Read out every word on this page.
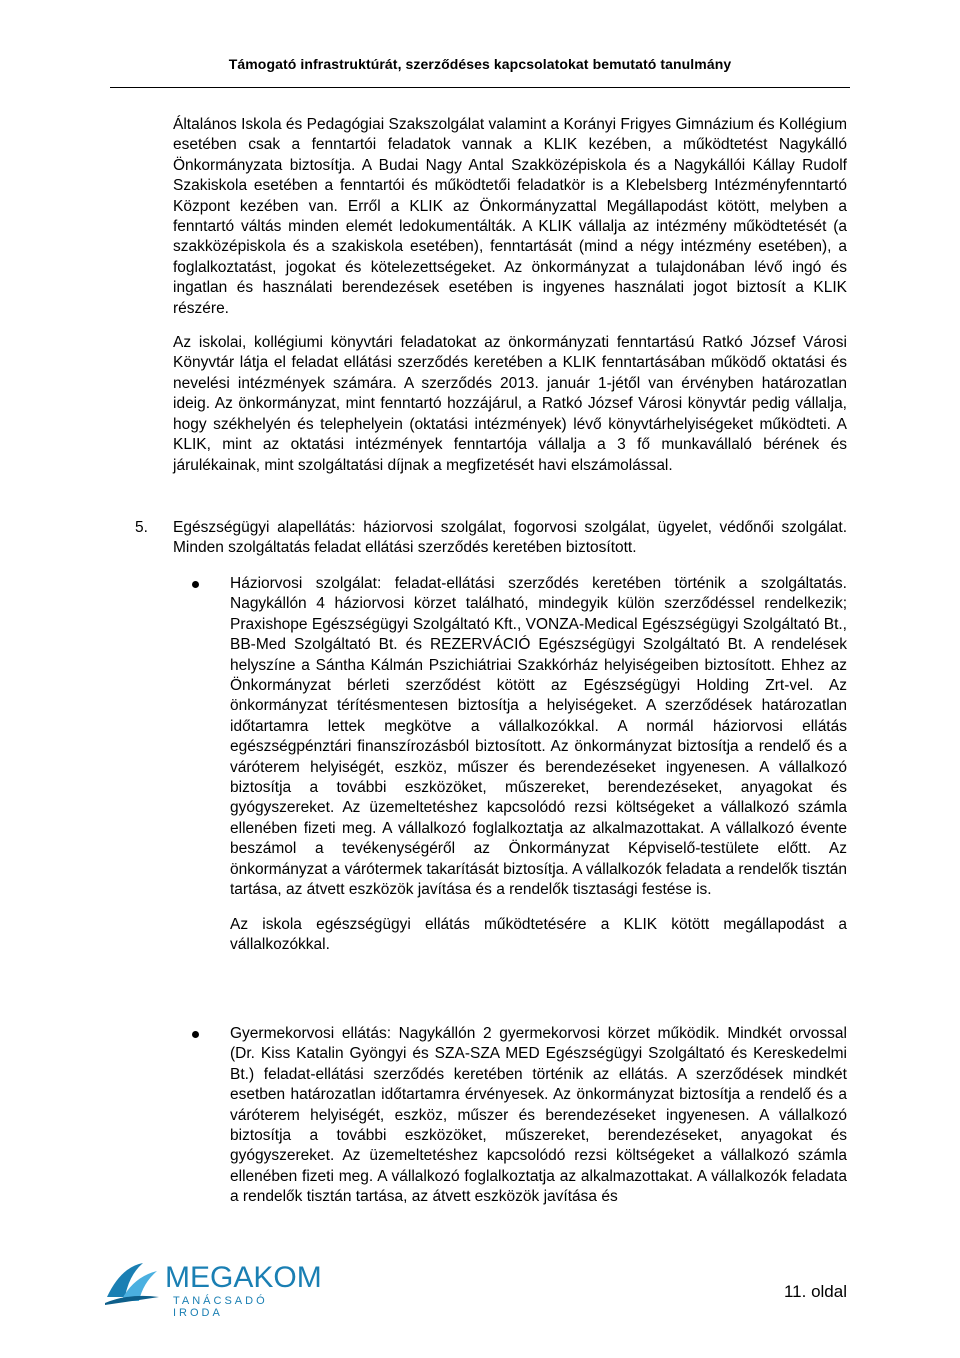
Támogató infrastruktúrát, szerződéses kapcsolatokat bemutató tanulmány

Általános Iskola és Pedagógiai Szakszolgálat valamint a Korányi Frigyes Gimnázium és Kollégium esetében csak a fenntartói feladatok vannak a KLIK kezében, a működtetést Nagykálló Önkormányzata biztosítja. A Budai Nagy Antal Szakközépiskola és a Nagykállói Kállay Rudolf Szakiskola esetében a fenntartói és működtetői feladatkör is a Klebelsberg Intézményfenntartó Központ kezében van. Erről a KLIK az Önkormányzattal Megállapodást kötött, melyben a fenntartó váltás minden elemét ledokumentálták. A KLIK vállalja az intézmény működtetését (a szakközépiskola és a szakiskola esetében), fenntartását (mind a négy intézmény esetében), a foglalkoztatást, jogokat és kötelezettségeket. Az önkormányzat a tulajdonában lévő ingó és ingatlan és használati berendezések esetében is ingyenes használati jogot biztosít a KLIK részére.

Az iskolai, kollégiumi könyvtári feladatokat az önkormányzati fenntartású Ratkó József Városi Könyvtár látja el feladat ellátási szerződés keretében a KLIK fenntartásában működő oktatási és nevelési intézmények számára. A szerződés 2013. január 1-jétől van érvényben határozatlan ideig. Az önkormányzat, mint fenntartó hozzájárul, a Ratkó József Városi könyvtár pedig vállalja, hogy székhelyén és telephelyein (oktatási intézmények) lévő könyvtárhelyiségeket működteti. A KLIK, mint az oktatási intézmények fenntartója vállalja a 3 fő munkavállaló bérének és járulékainak, mint szolgáltatási díjnak a megfizetését havi elszámolással.

5. Egészségügyi alapellátás: háziorvosi szolgálat, fogorvosi szolgálat, ügyelet, védőnői szolgálat. Minden szolgáltatás feladat ellátási szerződés keretében biztosított.

Háziorvosi szolgálat: feladat-ellátási szerződés keretében történik a szolgáltatás. Nagykállón 4 háziorvosi körzet található, mindegyik külön szerződéssel rendelkezik; Praxishope Egészségügyi Szolgáltató Kft., VONZA-Medical Egészségügyi Szolgáltató Bt., BB-Med Szolgáltató Bt. és REZERVÁCIÓ Egészségügyi Szolgáltató Bt. A rendelések helyszíne a Sántha Kálmán Pszichiátriai Szakkórház helyiségeiben biztosított. Ehhez az Önkormányzat bérleti szerződést kötött az Egészségügyi Holding Zrt-vel. Az önkormányzat térítésmentesen biztosítja a helyiségeket. A szerződések határozatlan időtartamra lettek megkötve a vállalkozókkal. A normál háziorvosi ellátás egészségpénztári finanszírozásból biztosított. Az önkormányzat biztosítja a rendelő és a váróterem helyiségét, eszköz, műszer és berendezéseket ingyenesen. A vállalkozó biztosítja a további eszközöket, műszereket, berendezéseket, anyagokat és gyógyszereket. Az üzemeltetéshez kapcsolódó rezsi költségeket a vállalkozó számla ellenében fizeti meg. A vállalkozó foglalkoztatja az alkalmazottakat. A vállalkozó évente beszámol a tevékenységéről az Önkormányzat Képviselő-testülete előtt. Az önkormányzat a várótermek takarítását biztosítja. A vállalkozók feladata a rendelők tisztán tartása, az átvett eszközök javítása és a rendelők tisztasági festése is.

Az iskola egészségügyi ellátás működtetésére a KLIK kötött megállapodást a vállalkozókkal.

Gyermekorvosi ellátás: Nagykállón 2 gyermekorvosi körzet működik. Mindkét orvossal (Dr. Kiss Katalin Gyöngyi és SZA-SZA MED Egészségügyi Szolgáltató és Kereskedelmi Bt.) feladat-ellátási szerződés keretében történik az ellátás. A szerződések mindkét esetben határozatlan időtartamra érvényesek. Az önkormányzat biztosítja a rendelő és a váróterem helyiségét, eszköz, műszer és berendezéseket ingyenesen. A vállalkozó biztosítja a további eszközöket, műszereket, berendezéseket, anyagokat és gyógyszereket. Az üzemeltetéshez kapcsolódó rezsi költségeket a vállalkozó számla ellenében fizeti meg. A vállalkozó foglalkoztatja az alkalmazottakat. A vállalkozók feladata a rendelők tisztán tartása, az átvett eszközök javítása és

MEGAKOM
TANÁCSADÓ IRODA
11. oldal
